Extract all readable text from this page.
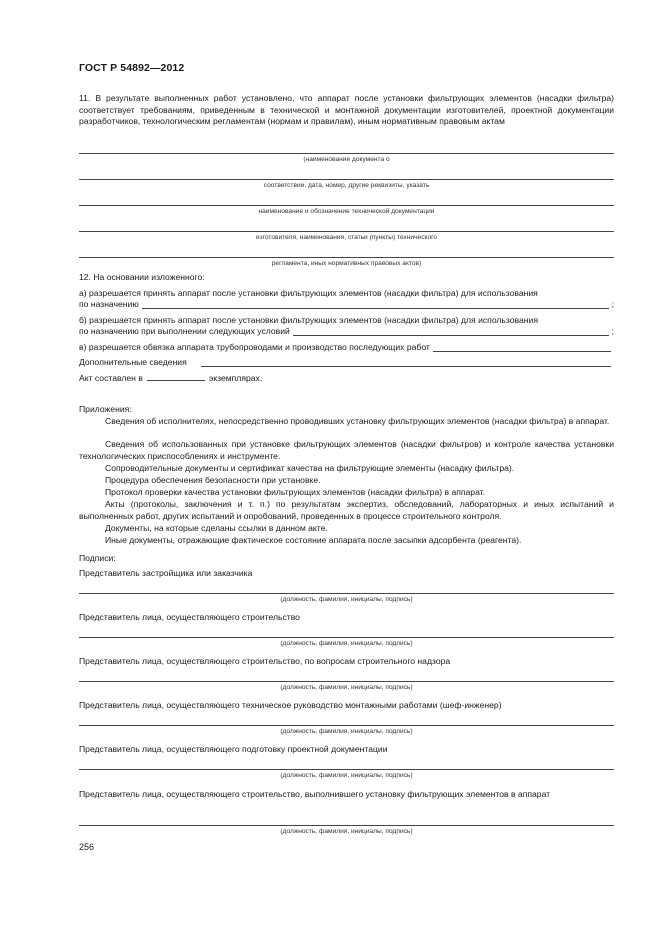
ГОСТ Р 54892—2012
11. В результате выполненных работ установлено, что аппарат после установки фильтрующих элементов (насадки фильтра) соответствует требованиям, приведенным в технической и монтажной документации изготовителей, проектной документации разработчиков, технологическим регламентам (нормам и правилам), иным нормативным правовым актам
(наименование документа о
соответствии, дата, номер, другие реквизиты, указать
наименование и обозначение технической документации
изготовителя, наименования, статьи (пункты) технического
регламента, иных нормативных правовых актов)
12. На основании изложенного:
а) разрешается принять аппарат после установки фильтрующих элементов (насадки фильтра) для использования
по назначению	;
б) разрешается принять аппарат после установки фильтрующих элементов (насадки фильтра) для использования
по назначению при выполнении следующих условий	;
в) разрешается обвязка аппарата трубопроводами и производство последующих работ
Дополнительные сведения
Акт составлен в	экземплярах.
Приложения:
Сведения об исполнителях, непосредственно проводивших установку фильтрующих элементов (насадки фильтра) в аппарат.
Сведения об использованных при установке фильтрующих элементов (насадки фильтров) и контроле качества установки технологических приспособлениях и инструменте.
Сопроводительные документы и сертификат качества на фильтрующие элементы (насадку фильтра).
Процедура обеспечения безопасности при установке.
Протокол проверки качества установки фильтрующих элементов (насадки фильтра) в аппарат.
Акты (протоколы, заключения и т. п.) по результатам экспертиз, обследований, лабораторных и иных испытаний и выполненных работ, других испытаний и опробований, проведенных в процессе строительного контроля.
Документы, на которые сделаны ссылки в данном акте.
Иные документы, отражающие фактическое состояние аппарата после засыпки адсорбента (реагента).
Подписи:
Представитель застройщика или заказчика
(должность, фамилия, инициалы, подпись)
Представитель лица, осуществляющего строительство
(должность, фамилия, инициалы, подпись)
Представитель лица, осуществляющего строительство, по вопросам строительного надзора
(должность, фамилия, инициалы, подпись)
Представитель лица, осуществляющего техническое руководство монтажными работами (шеф-инженер)
(должность, фамилия, инициалы, подпись)
Представитель лица, осуществляющего подготовку проектной документации
(должность, фамилия, инициалы, подпись)
Представитель лица, осуществляющего строительство, выполнившего установку фильтрующих элементов в аппарат
(должность, фамилия, инициалы, подпись)
256
